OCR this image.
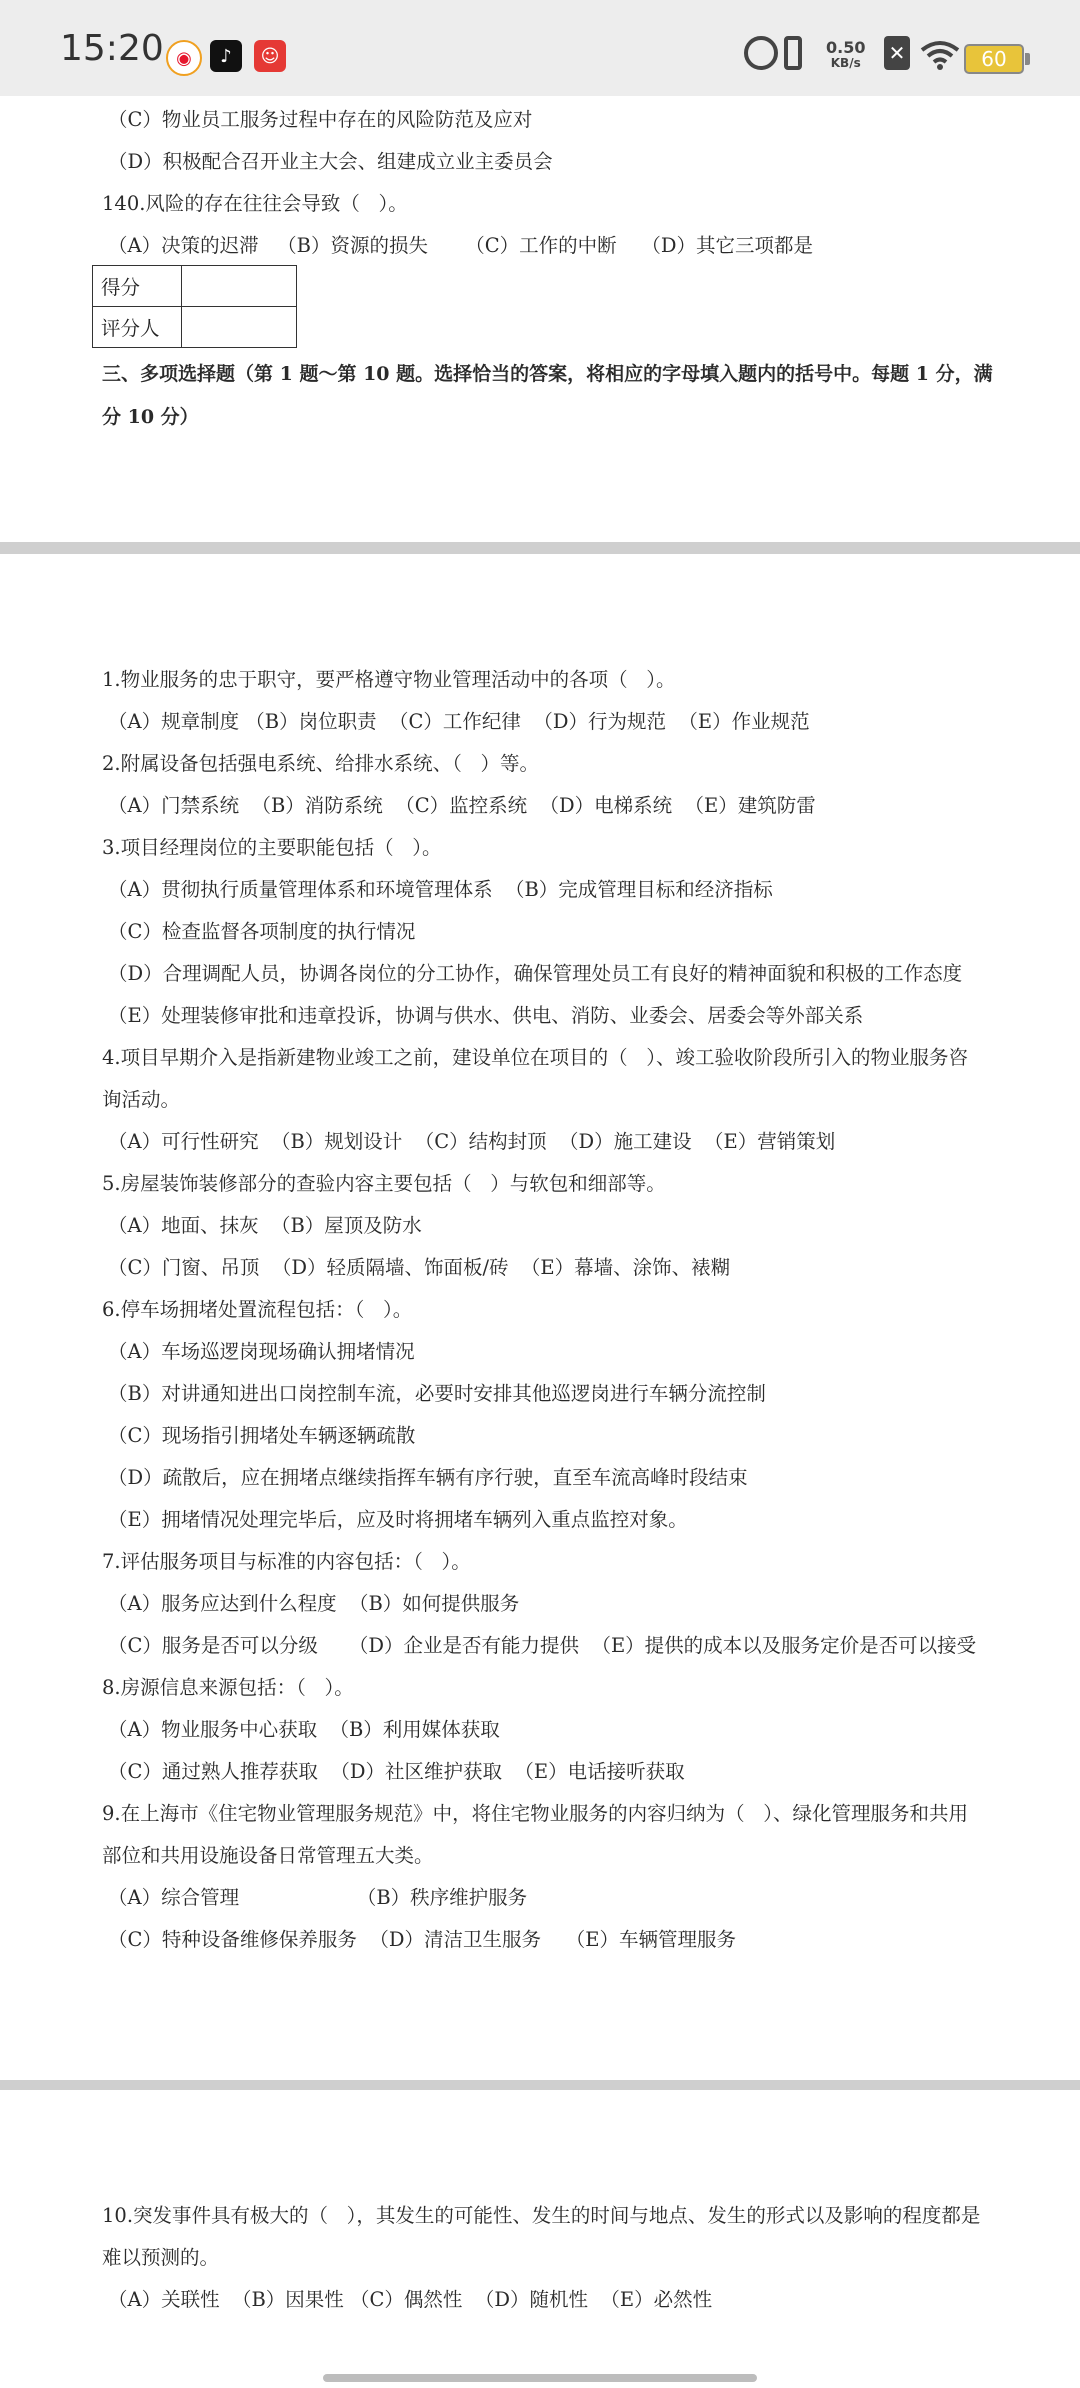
15:20 ◉	♪	☺	0.50
KB/s ✕	60
（C）物业员工服务过程中存在的风险防范及应对
（D）积极配合召开业主大会、组建成立业主委员会
140.风险的存在往往会导致（   ）。
（A）决策的迟滞   （B）资源的损失      （C）工作的中断    （D）其它三项都是
得分	
评分人	
三、多项选择题（第 1 题～第 10 题。选择恰当的答案，将相应的字母填入题内的括号中。每题 1 分，满
分 10 分）
1.物业服务的忠于职守，要严格遵守物业管理活动中的各项（   ）。
（A）规章制度 （B）岗位职责  （C）工作纪律  （D）行为规范  （E）作业规范
2.附属设备包括强电系统、给排水系统、（   ）等。
（A）门禁系统  （B）消防系统  （C）监控系统  （D）电梯系统  （E）建筑防雷
3.项目经理岗位的主要职能包括（   ）。
（A）贯彻执行质量管理体系和环境管理体系  （B）完成管理目标和经济指标
（C）检查监督各项制度的执行情况
（D）合理调配人员，协调各岗位的分工协作，确保管理处员工有良好的精神面貌和积极的工作态度
（E）处理装修审批和违章投诉，协调与供水、供电、消防、业委会、居委会等外部关系
4.项目早期介入是指新建物业竣工之前，建设单位在项目的（   ）、竣工验收阶段所引入的物业服务咨
询活动。
（A）可行性研究  （B）规划设计  （C）结构封顶  （D）施工建设  （E）营销策划
5.房屋装饰装修部分的查验内容主要包括（   ）与软包和细部等。
（A）地面、抹灰  （B）屋顶及防水
（C）门窗、吊顶  （D）轻质隔墙、饰面板/砖  （E）幕墙、涂饰、裱糊
6.停车场拥堵处置流程包括：（   ）。
（A）车场巡逻岗现场确认拥堵情况
（B）对讲通知进出口岗控制车流，必要时安排其他巡逻岗进行车辆分流控制
（C）现场指引拥堵处车辆逐辆疏散
（D）疏散后，应在拥堵点继续指挥车辆有序行驶，直至车流高峰时段结束
（E）拥堵情况处理完毕后，应及时将拥堵车辆列入重点监控对象。
7.评估服务项目与标准的内容包括：（   ）。
（A）服务应达到什么程度  （B）如何提供服务
（C）服务是否可以分级     （D）企业是否有能力提供  （E）提供的成本以及服务定价是否可以接受
8.房源信息来源包括：（   ）。
（A）物业服务中心获取  （B）利用媒体获取
（C）通过熟人推荐获取  （D）社区维护获取  （E）电话接听获取
9.在上海市《住宅物业管理服务规范》中，将住宅物业服务的内容归纳为（   ）、绿化管理服务和共用
部位和共用设施设备日常管理五大类。
（A）综合管理                   （B）秩序维护服务
（C）特种设备维修保养服务  （D）清洁卫生服务    （E）车辆管理服务
10.突发事件具有极大的（   ），其发生的可能性、发生的时间与地点、发生的形式以及影响的程度都是
难以预测的。
（A）关联性  （B）因果性 （C）偶然性  （D）随机性  （E）必然性
